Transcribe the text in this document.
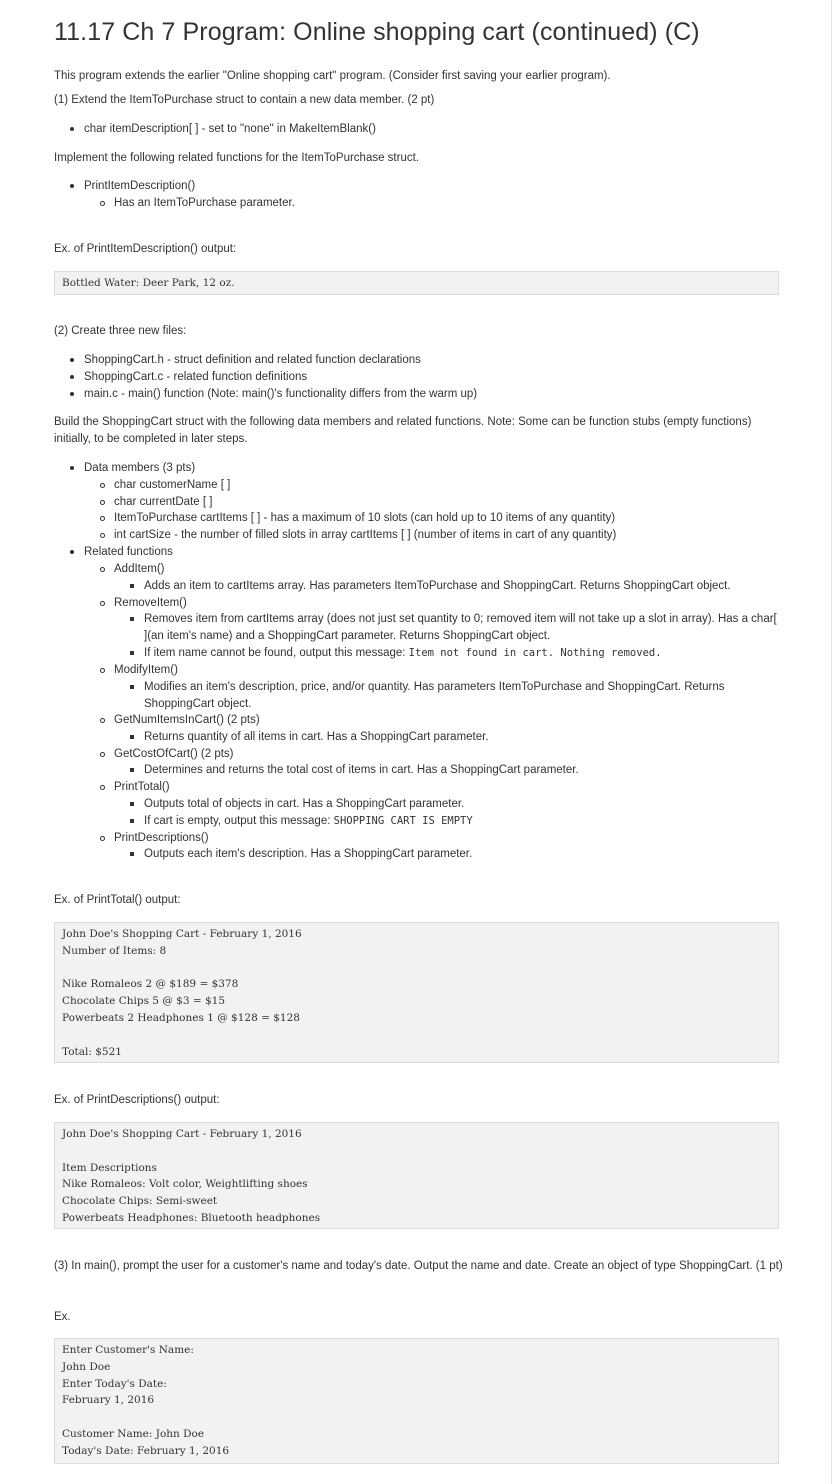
11.17 Ch 7 Program: Online shopping cart (continued) (C)

This program extends the earlier "Online shopping cart" program. (Consider first saving your earlier program).

(1) Extend the ItemToPurchase struct to contain a new data member. (2 pt)

char itemDescription[ ] - set to "none" in MakeItemBlank()

Implement the following related functions for the ItemToPurchase struct.

PrintItemDescription()
Has an ItemToPurchase parameter.

Ex. of PrintItemDescription() output:

Bottled Water: Deer Park, 12 oz.

(2) Create three new files:

ShoppingCart.h - struct definition and related function declarations
ShoppingCart.c - related function definitions
main.c - main() function (Note: main()'s functionality differs from the warm up)

Build the ShoppingCart struct with the following data members and related functions. Note: Some can be function stubs (empty functions) initially, to be completed in later steps.

Data members (3 pts)
char customerName [ ]
char currentDate [ ]
ItemToPurchase cartItems [ ] - has a maximum of 10 slots (can hold up to 10 items of any quantity)
int cartSize - the number of filled slots in array cartItems [ ] (number of items in cart of any quantity)
Related functions
AddItem()
Adds an item to cartItems array. Has parameters ItemToPurchase and ShoppingCart. Returns ShoppingCart object.
RemoveItem()
Removes item from cartItems array (does not just set quantity to 0; removed item will not take up a slot in array). Has a char[ ](an item's name) and a ShoppingCart parameter. Returns ShoppingCart object.
If item name cannot be found, output this message: Item not found in cart. Nothing removed.
ModifyItem()
Modifies an item's description, price, and/or quantity. Has parameters ItemToPurchase and ShoppingCart. Returns ShoppingCart object.
GetNumItemsInCart() (2 pts)
Returns quantity of all items in cart. Has a ShoppingCart parameter.
GetCostOfCart() (2 pts)
Determines and returns the total cost of items in cart. Has a ShoppingCart parameter.
PrintTotal()
Outputs total of objects in cart. Has a ShoppingCart parameter.
If cart is empty, output this message: SHOPPING CART IS EMPTY
PrintDescriptions()
Outputs each item's description. Has a ShoppingCart parameter.

Ex. of PrintTotal() output:

John Doe's Shopping Cart - February 1, 2016
Number of Items: 8
Nike Romaleos 2 @ $189 = $378
Chocolate Chips 5 @ $3 = $15
Powerbeats 2 Headphones 1 @ $128 = $128
Total: $521

Ex. of PrintDescriptions() output:

John Doe's Shopping Cart - February 1, 2016
Item Descriptions
Nike Romaleos: Volt color, Weightlifting shoes
Chocolate Chips: Semi-sweet
Powerbeats Headphones: Bluetooth headphones

(3) In main(), prompt the user for a customer's name and today's date. Output the name and date. Create an object of type ShoppingCart. (1 pt)

Ex.

Enter Customer's Name:
John Doe
Enter Today's Date:
February 1, 2016
Customer Name: John Doe
Today's Date: February 1, 2016
